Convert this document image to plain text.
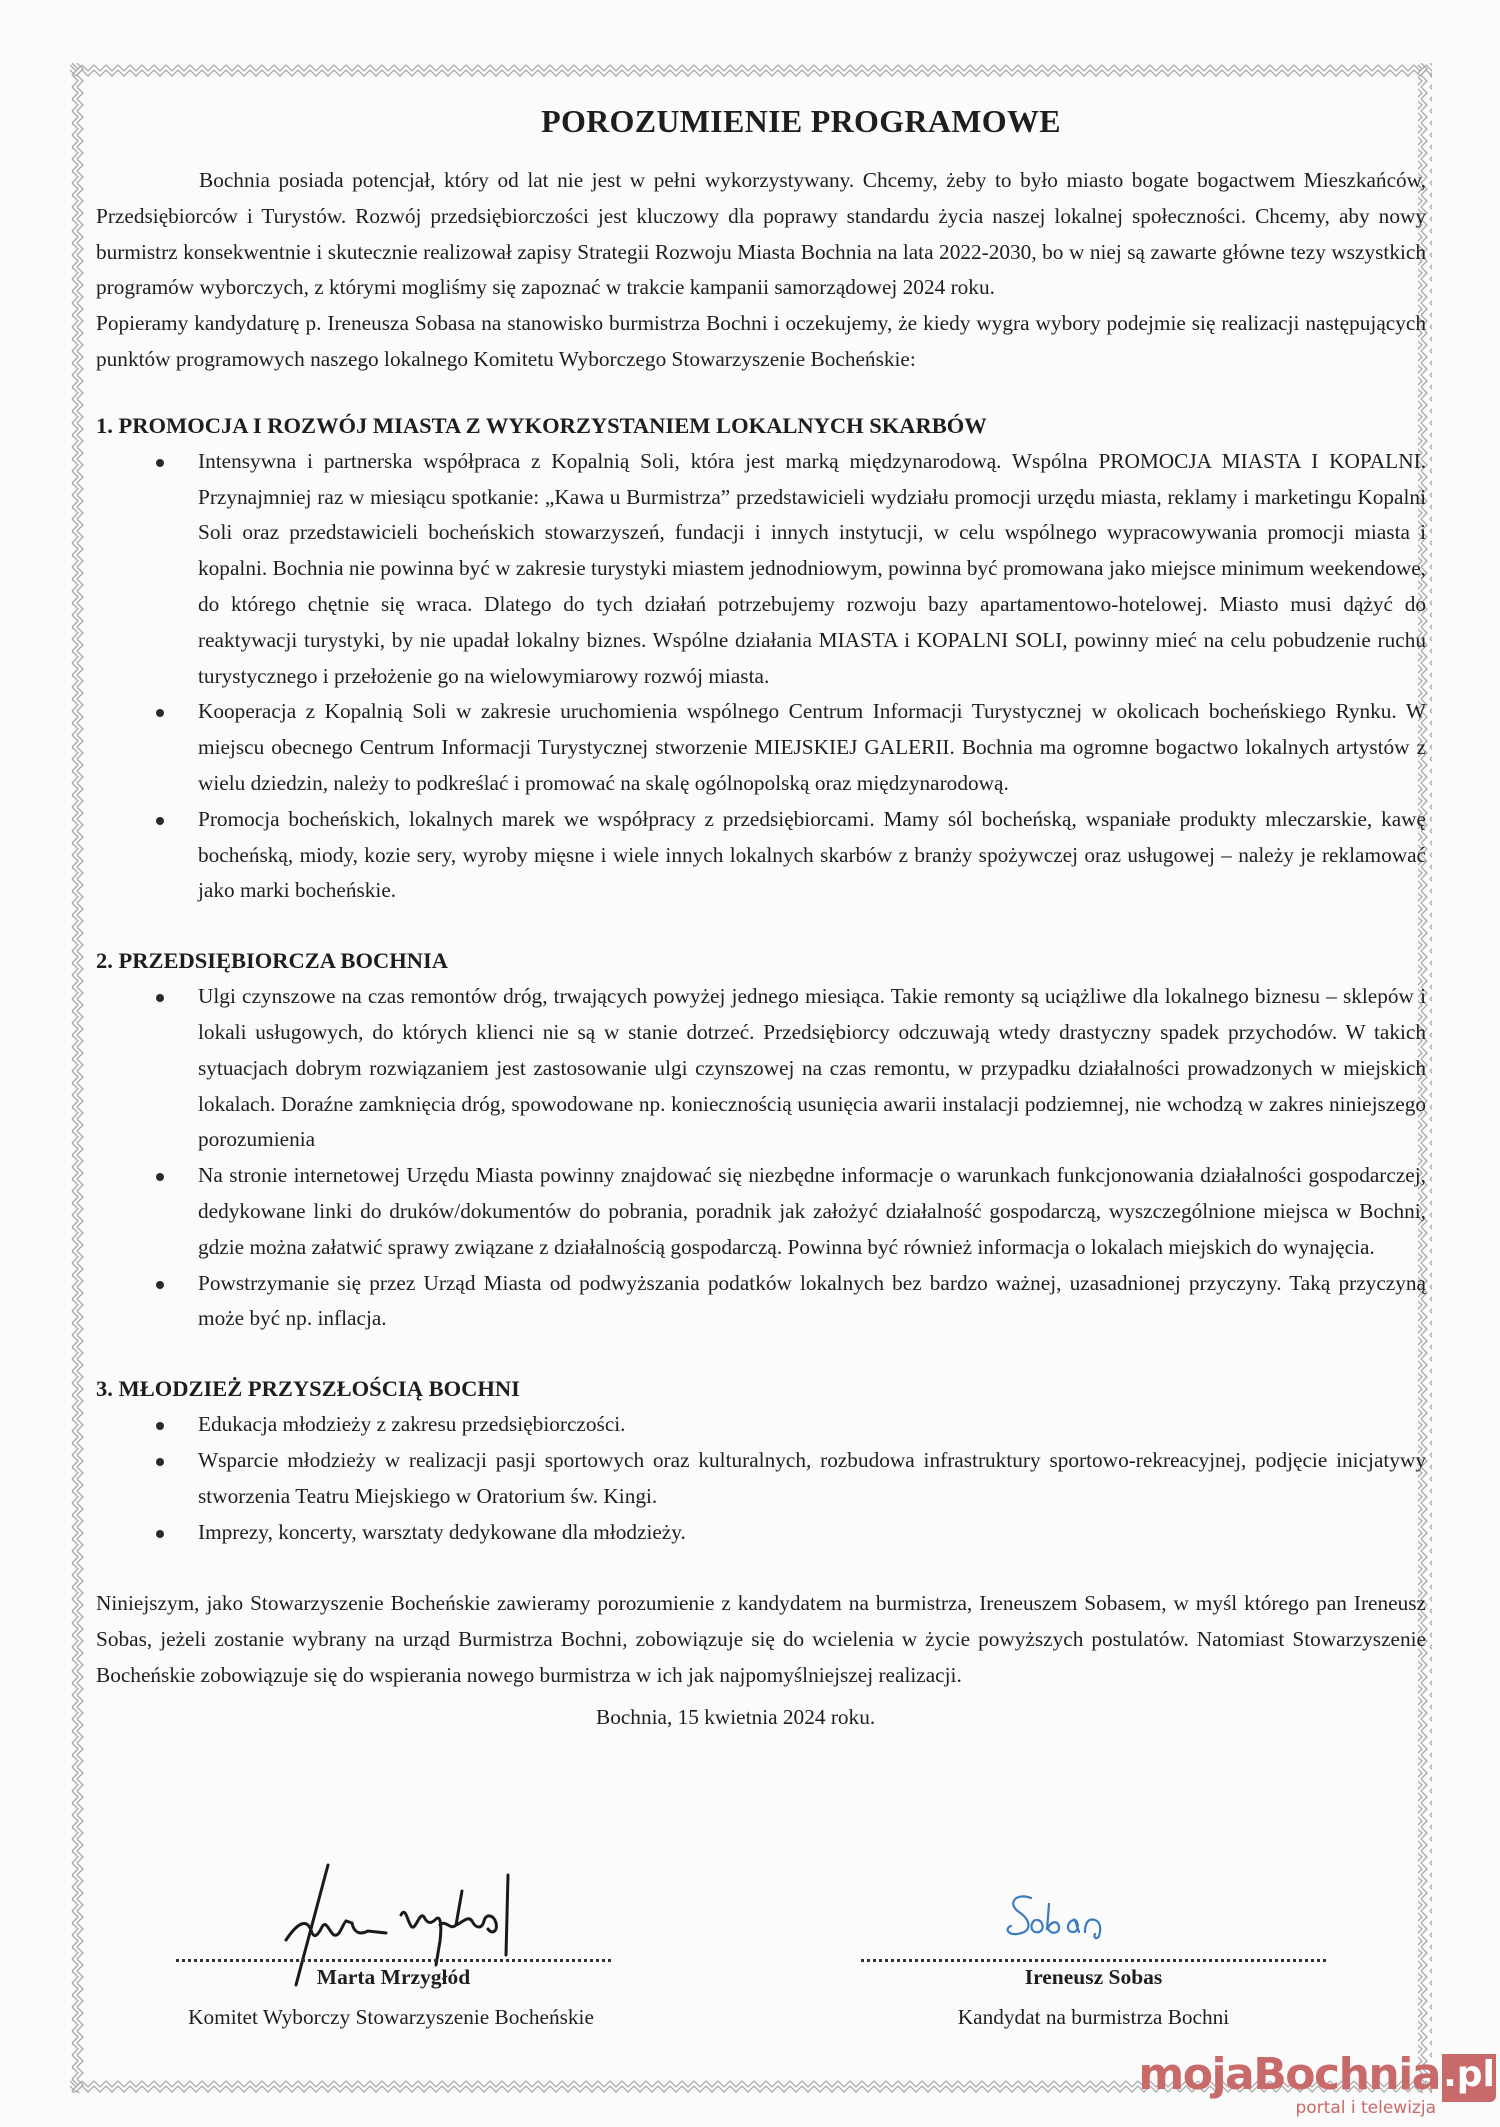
POROZUMIENIE PROGRAMOWE

Bochnia posiada potencjał, który od lat nie jest w pełni wykorzystywany. Chcemy, żeby to było miasto bogate bogactwem Mieszkańców, Przedsiębiorców i Turystów. Rozwój przedsiębiorczości jest kluczowy dla poprawy standardu życia naszej lokalnej społeczności. Chcemy, aby nowy burmistrz konsekwentnie i skutecznie realizował zapisy Strategii Rozwoju Miasta Bochnia na lata 2022-2030, bo w niej są zawarte główne tezy wszystkich programów wyborczych, z którymi mogliśmy się zapoznać w trakcie kampanii samorządowej 2024 roku.

Popieramy kandydaturę p. Ireneusza Sobasa na stanowisko burmistrza Bochni i oczekujemy, że kiedy wygra wybory podejmie się realizacji następujących punktów programowych naszego lokalnego Komitetu Wyborczego Stowarzyszenie Bocheńskie:

1. PROMOCJA I ROZWÓJ MIASTA Z WYKORZYSTANIEM LOKALNYCH SKARBÓW
Intensywna i partnerska współpraca z Kopalnią Soli, która jest marką międzynarodową. Wspólna PROMOCJA MIASTA I KOPALNI. Przynajmniej raz w miesiącu spotkanie: „Kawa u Burmistrza” przedstawicieli wydziału promocji urzędu miasta, reklamy i marketingu Kopalni Soli oraz przedstawicieli bocheńskich stowarzyszeń, fundacji i innych instytucji, w celu wspólnego wypracowywania promocji miasta i kopalni. Bochnia nie powinna być w zakresie turystyki miastem jednodniowym, powinna być promowana jako miejsce minimum weekendowe, do którego chętnie się wraca. Dlatego do tych działań potrzebujemy rozwoju bazy apartamentowo-hotelowej. Miasto musi dążyć do reaktywacji turystyki, by nie upadał lokalny biznes. Wspólne działania MIASTA i KOPALNI SOLI, powinny mieć na celu pobudzenie ruchu turystycznego i przełożenie go na wielowymiarowy rozwój miasta.
Kooperacja z Kopalnią Soli w zakresie uruchomienia wspólnego Centrum Informacji Turystycznej w okolicach bocheńskiego Rynku. W miejscu obecnego Centrum Informacji Turystycznej stworzenie MIEJSKIEJ GALERII. Bochnia ma ogromne bogactwo lokalnych artystów z wielu dziedzin, należy to podkreślać i promować na skalę ogólnopolską oraz międzynarodową.
Promocja bocheńskich, lokalnych marek we współpracy z przedsiębiorcami. Mamy sól bocheńską, wspaniałe produkty mleczarskie, kawę bocheńską, miody, kozie sery, wyroby mięsne i wiele innych lokalnych skarbów z branży spożywczej oraz usługowej – należy je reklamować jako marki bocheńskie.
2. PRZEDSIĘBIORCZA BOCHNIA
Ulgi czynszowe na czas remontów dróg, trwających powyżej jednego miesiąca. Takie remonty są uciążliwe dla lokalnego biznesu – sklepów i lokali usługowych, do których klienci nie są w stanie dotrzeć. Przedsiębiorcy odczuwają wtedy drastyczny spadek przychodów. W takich sytuacjach dobrym rozwiązaniem jest zastosowanie ulgi czynszowej na czas remontu, w przypadku działalności prowadzonych w miejskich lokalach. Doraźne zamknięcia dróg, spowodowane np. koniecznością usunięcia awarii instalacji podziemnej, nie wchodzą w zakres niniejszego porozumienia
Na stronie internetowej Urzędu Miasta powinny znajdować się niezbędne informacje o warunkach funkcjonowania działalności gospodarczej, dedykowane linki do druków/dokumentów do pobrania, poradnik jak założyć działalność gospodarczą, wyszczególnione miejsca w Bochni, gdzie można załatwić sprawy związane z działalnością gospodarczą. Powinna być również informacja o lokalach miejskich do wynajęcia.
Powstrzymanie się przez Urząd Miasta od podwyższania podatków lokalnych bez bardzo ważnej, uzasadnionej przyczyny. Taką przyczyną może być np. inflacja.
3. MŁODZIEŻ PRZYSZŁOŚCIĄ BOCHNI
Edukacja młodzieży z zakresu przedsiębiorczości.
Wsparcie młodzieży w realizacji pasji sportowych oraz kulturalnych, rozbudowa infrastruktury sportowo-rekreacyjnej, podjęcie inicjatywy stworzenia Teatru Miejskiego w Oratorium św. Kingi.
Imprezy, koncerty, warsztaty dedykowane dla młodzieży.

Niniejszym, jako Stowarzyszenie Bocheńskie zawieramy porozumienie z kandydatem na burmistrza, Ireneuszem Sobasem, w myśl którego pan Ireneusz Sobas, jeżeli zostanie wybrany na urząd Burmistrza Bochni, zobowiązuje się do wcielenia w życie powyższych postulatów. Natomiast Stowarzyszenie Bocheńskie zobowiązuje się do wspierania nowego burmistrza w ich jak najpomyślniejszej realizacji.

Bochnia, 15 kwietnia 2024 roku.

Marta Mrzygłód
Komitet Wyborczy Stowarzyszenie Bocheńskie
Ireneusz Sobas
Kandydat na burmistrza Bochni
mojaBochnia .pl
portal i telewizja
